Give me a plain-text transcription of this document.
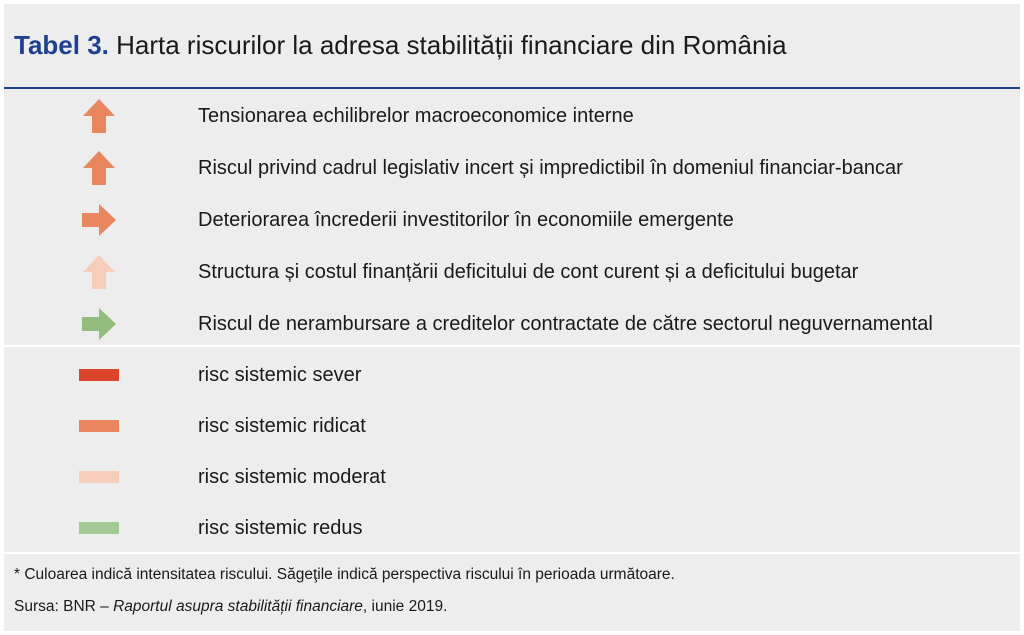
Tabel 3. Harta riscurilor la adresa stabilității financiare din România
Tensionarea echilibrelor macroeconomice interne
Riscul privind cadrul legislativ incert și impredictibil în domeniul financiar-bancar
Deteriorarea încrederii investitorilor în economiile emergente
Structura și costul finanțării deficitului de cont curent și a deficitului bugetar
Riscul de nerambursare a creditelor contractate de către sectorul neguvernamental
risc sistemic sever
risc sistemic ridicat
risc sistemic moderat
risc sistemic redus
* Culoarea indică intensitatea riscului. Săgeţile indică perspectiva riscului în perioada următoare.
Sursa: BNR – Raportul asupra stabilității financiare, iunie 2019.
